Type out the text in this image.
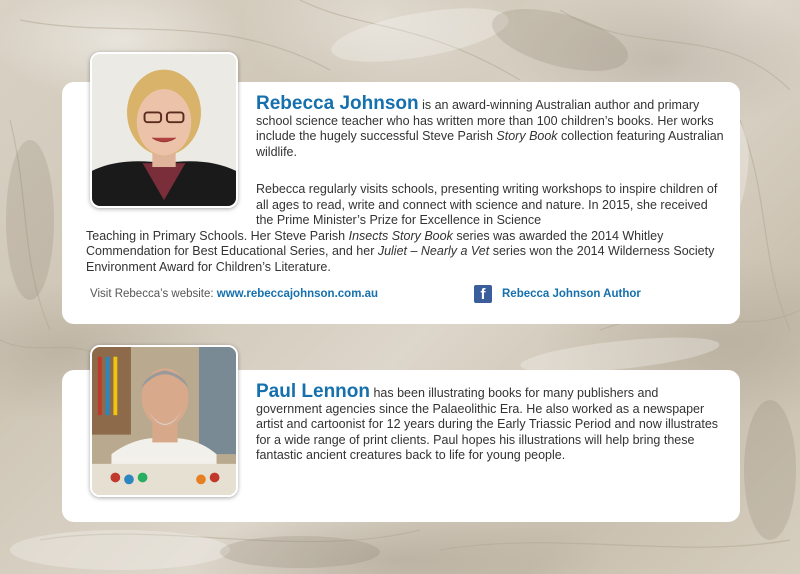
Rebecca Johnson is an award-winning Australian author and primary school science teacher who has written more than 100 children’s books. Her works include the hugely successful Steve Parish Story Book collection featuring Australian wildlife.
Rebecca regularly visits schools, presenting writing workshops to inspire children of all ages to read, write and connect with science and nature. In 2015, she received the Prime Minister’s Prize for Excellence in Science
Teaching in Primary Schools. Her Steve Parish Insects Story Book series was awarded the 2014 Whitley Commendation for Best Educational Series, and her Juliet – Nearly a Vet series won the 2014 Wilderness Society Environment Award for Children’s Literature.
Visit Rebecca’s website: www.rebeccajohnson.com.au	f	Rebecca Johnson Author
Paul Lennon has been illustrating books for many publishers and government agencies since the Palaeolithic Era. He also worked as a newspaper artist and cartoonist for 12 years during the Early Triassic Period and now illustrates for a wide range of print clients. Paul hopes his illustrations will help bring these fantastic ancient creatures back to life for young people.
